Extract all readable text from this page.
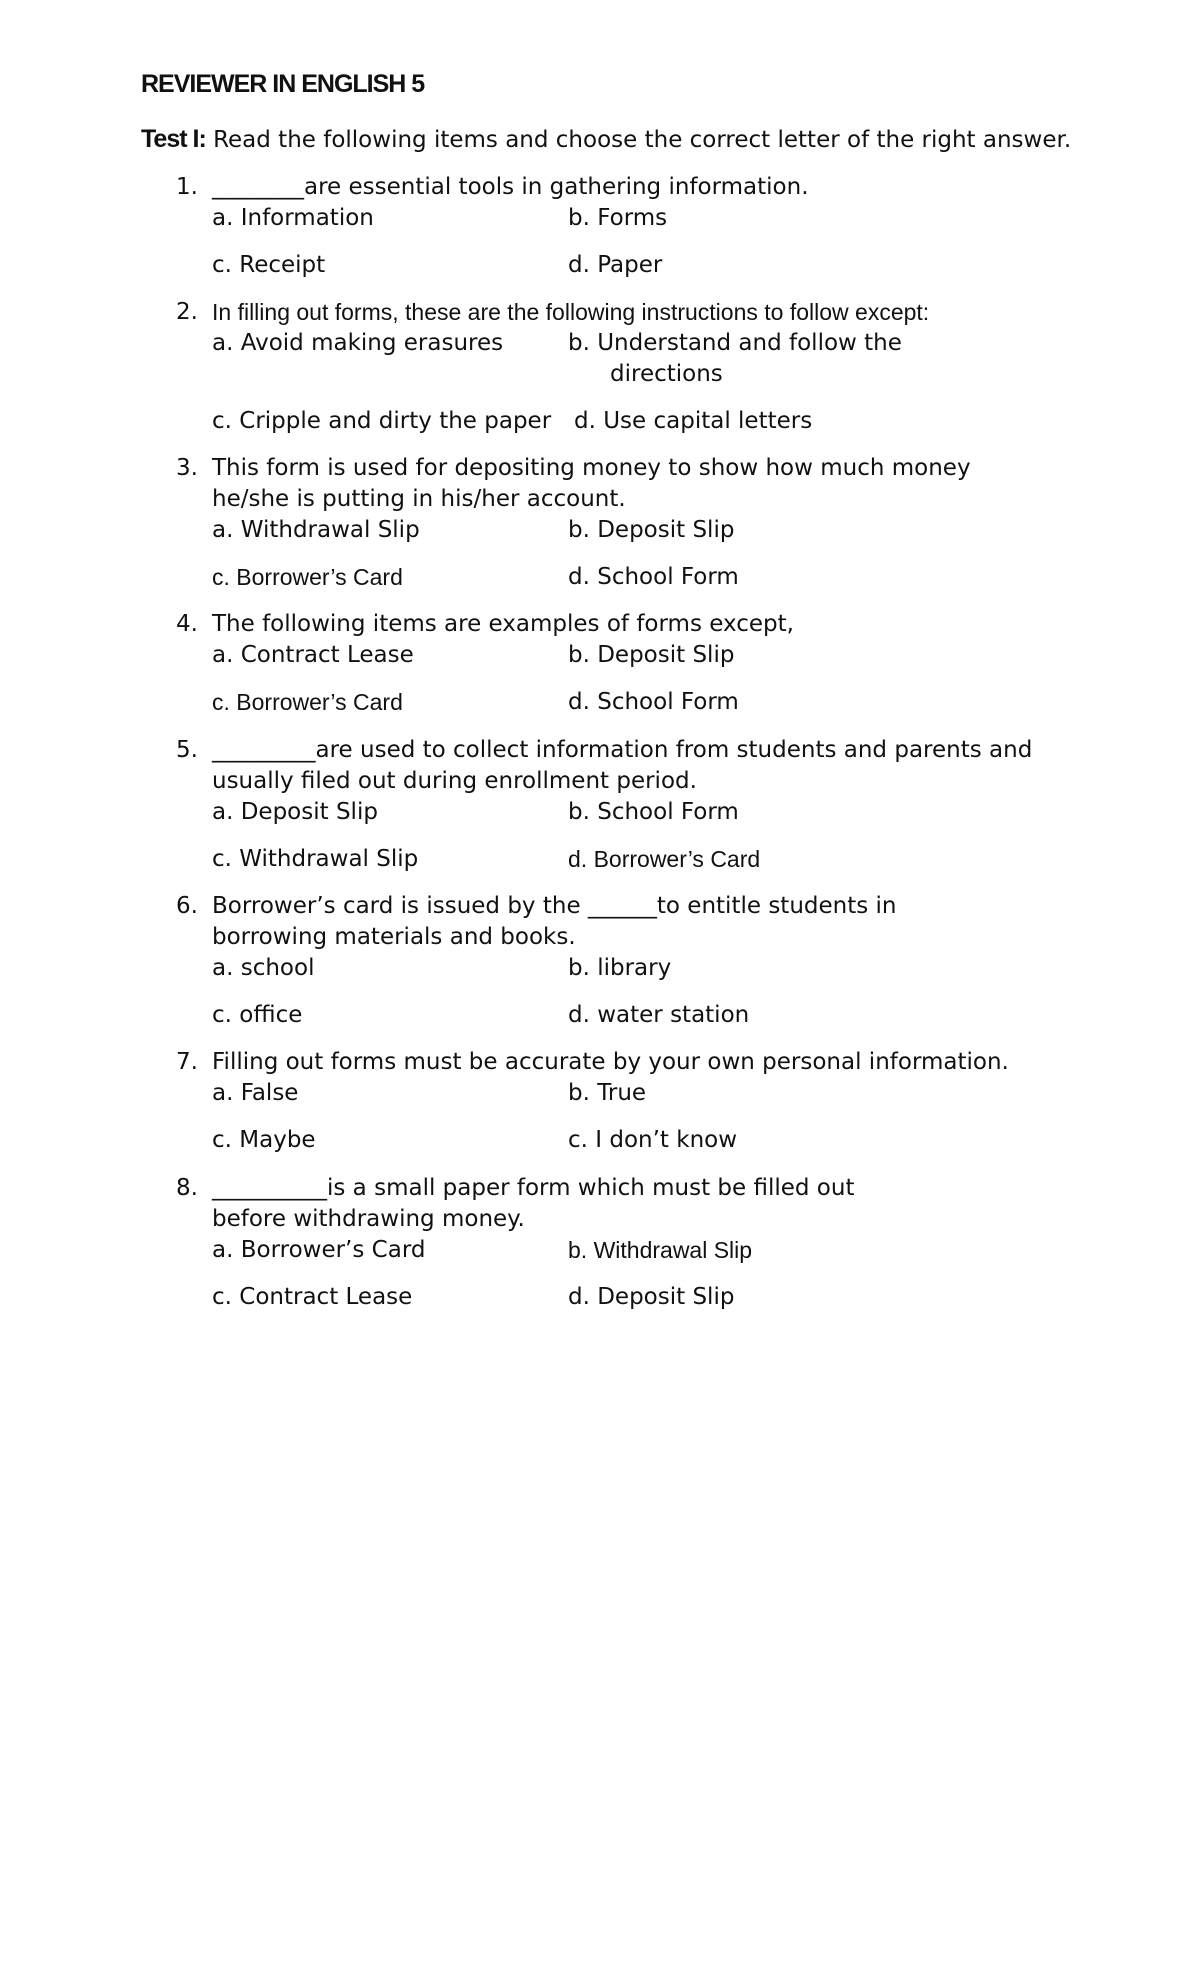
REVIEWER IN ENGLISH 5
Test I: Read the following items and choose the correct letter of the right answer.
1. ________are essential tools in gathering information.
a. Information	b. Forms
c. Receipt	d. Paper
2. In filling out forms, these are the following instructions to follow except:
a. Avoid making erasures	b. Understand and follow the
directions
c. Cripple and dirty the paper d. Use capital letters
3. This form is used for depositing money to show how much money he/she is putting in his/her account.
a. Withdrawal Slip	b. Deposit Slip
c. Borrower’s Card	d. School Form
4. The following items are examples of forms except,
a. Contract Lease	b. Deposit Slip
c. Borrower’s Card	d. School Form
5. _________are used to collect information from students and parents and usually filed out during enrollment period.
a. Deposit Slip	b. School Form
c. Withdrawal Slip	d. Borrower’s Card
6. Borrower’s card is issued by the ______to entitle students in borrowing materials and books.
a. school	b. library
c. office	d. water station
7. Filling out forms must be accurate by your own personal information.
a. False	b. True
c. Maybe	c. I don’t know
8. __________is a small paper form which must be filled out before withdrawing money.
a. Borrower’s Card	b. Withdrawal Slip
c. Contract Lease	d. Deposit Slip
